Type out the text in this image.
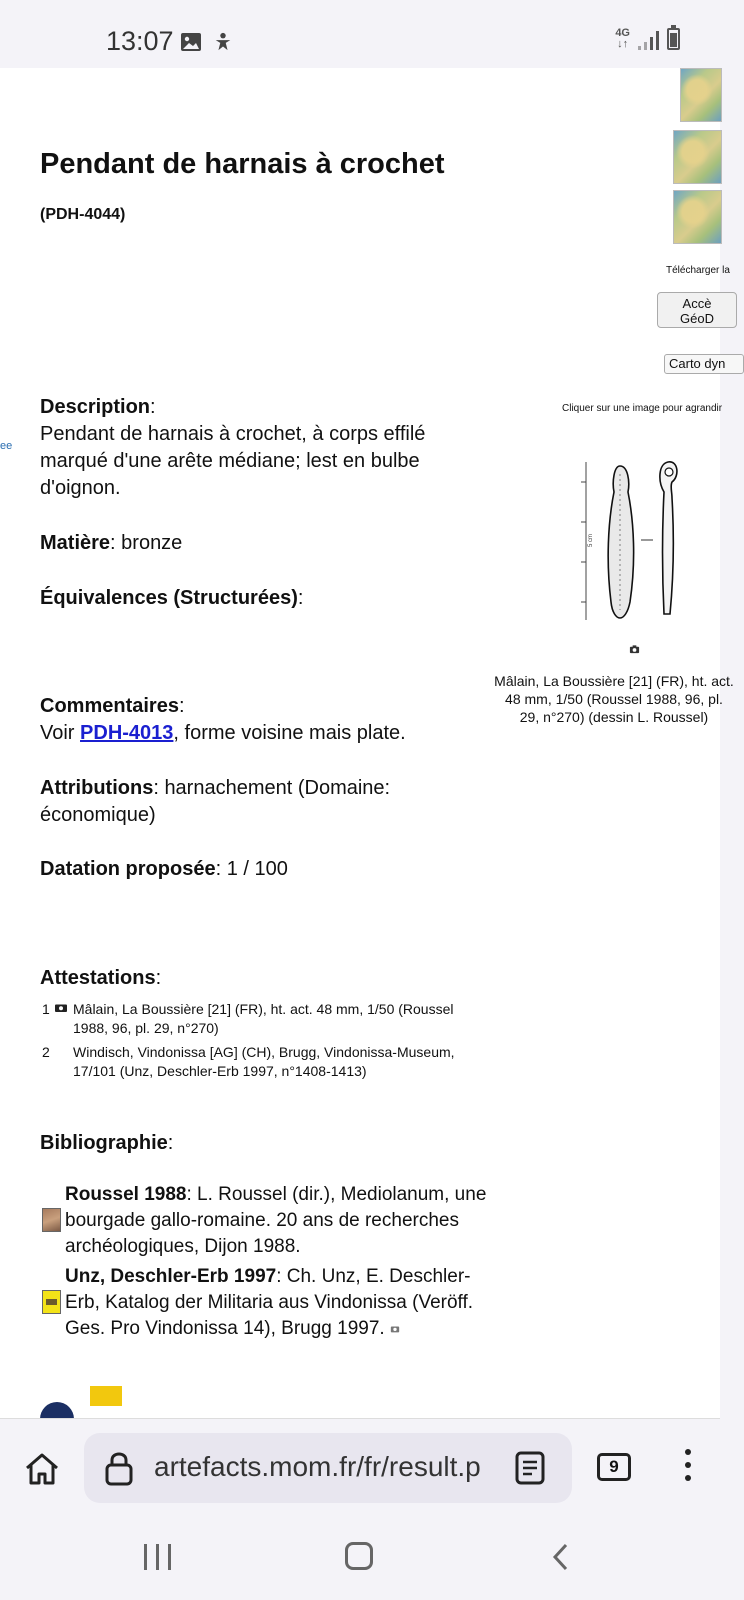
13:07	4G
↓↑
Pendant de harnais à crochet
(PDH-4044)
ee
Télécharger la
Accè
GéoD
Carto dyn
Cliquer sur une image pour agrandir
5 cm
Mâlain, La Boussière [21] (FR), ht. act. 48 mm, 1/50 (Roussel 1988, 96, pl. 29, n°270) (dessin L. Roussel)
Description:
Pendant de harnais à crochet, à corps effilé marqué d'une arête médiane; lest en bulbe d'oignon.
Matière: bronze
Équivalences (Structurées):
Commentaires:
Voir PDH-4013, forme voisine mais plate.
Attributions: harnachement (Domaine: économique)
Datation proposée: 1 / 100
Attestations:
1 Mâlain, La Boussière [21] (FR), ht. act. 48 mm, 1/50 (Roussel 1988, 96, pl. 29, n°270)
2 Windisch, Vindonissa [AG] (CH), Brugg, Vindonissa-Museum, 17/101 (Unz, Deschler-Erb 1997, n°1408-1413)
Bibliographie:
Roussel 1988: L. Roussel (dir.), Mediolanum, une bourgade gallo-romaine. 20 ans de recherches archéologiques, Dijon 1988.
Unz, Deschler-Erb 1997: Ch. Unz, E. Deschler-Erb, Katalog der Militaria aus Vindonissa (Veröff. Ges. Pro Vindonissa 14), Brugg 1997.
artefacts.mom.fr/fr/result.p	9
